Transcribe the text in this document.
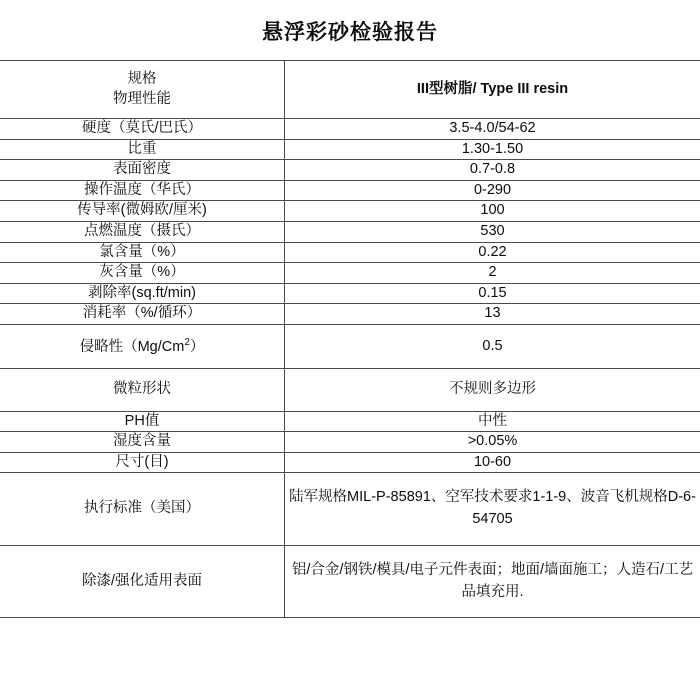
悬浮彩砂检验报告
规格
物理性能	III型树脂/ Type III resin
硬度（莫氏/巴氏）	3.5-4.0/54-62
比重	1.30-1.50
表面密度	0.7-0.8
操作温度（华氏）	0-290
传导率(微姆欧/厘米)	100
点燃温度（摄氏）	530
氯含量（%）	0.22
灰含量（%）	2
剥除率(sq.ft/min)	0.15
消耗率（%/循环）	13
侵略性（Mg/Cm$^2$）	0.5
微粒形状	不规则多边形
PH值	中性
湿度含量	>0.05%
尺寸(目)	10-60
执行标准（美国）	陆军规格MIL-P-85891、空军技术要求1-1-9、波音飞机规格D-6-54705

除漆/强化适用表面	铝/合金/钢铁/模具/电子元件表面；地面/墙面施工；人造石/工艺品填充用.
